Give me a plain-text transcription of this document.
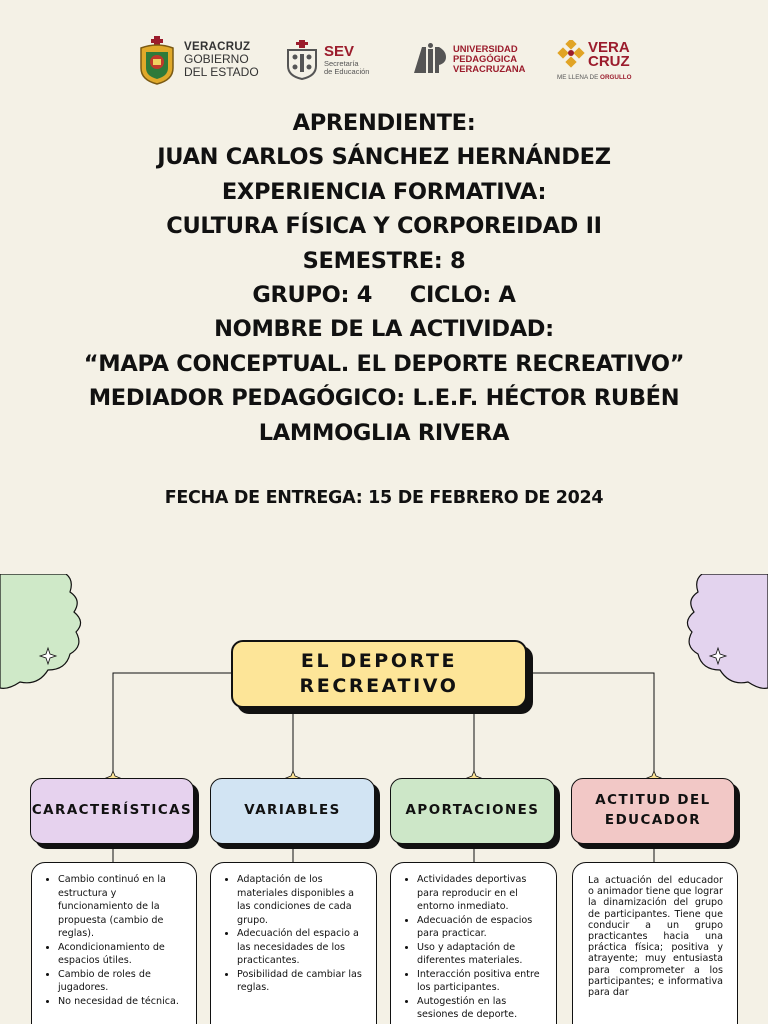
VERACRUZ
GOBIERNO
DEL ESTADO
SEV
Secretaría
de Educación
UNIVERSIDAD
PEDAGÓGICA
VERACRUZANA
VERA
CRUZ
ME LLENA DE ORGULLO
APRENDIENTE:
JUAN CARLOS SÁNCHEZ HERNÁNDEZ
EXPERIENCIA FORMATIVA:
CULTURA FÍSICA Y CORPOREIDAD II
SEMESTRE: 8
GRUPO: 4     CICLO: A
NOMBRE DE LA ACTIVIDAD:
“MAPA CONCEPTUAL. EL DEPORTE RECREATIVO”
MEDIADOR PEDAGÓGICO: L.E.F. HÉCTOR RUBÉN
LAMMOGLIA RIVERA
FECHA DE ENTREGA: 15 DE FEBRERO DE 2024
EL DEPORTE
RECREATIVO
CARACTERÍSTICAS	VARIABLES	APORTACIONES
ACTITUD DEL
EDUCADOR
• Cambio continuó en la estructura y funcionamiento de la propuesta (cambio de reglas).
• Acondicionamiento de espacios útiles.
• Cambio de roles de jugadores.
• No necesidad de técnica.
• Adaptación de los materiales disponibles a las condiciones de cada grupo.
• Adecuación del espacio a las necesidades de los practicantes.
• Posibilidad de cambiar las reglas.
• Actividades deportivas para reproducir en el entorno inmediato.
• Adecuación de espacios para practicar.
• Uso y adaptación de diferentes materiales.
• Interacción positiva entre los participantes.
• Autogestión en las sesiones de deporte.

La actuación del educador o animador tiene que lograr la dinamización del grupo de participantes. Tiene que conducir a un grupo practicantes hacia una práctica física; positiva y atrayente; muy entusiasta para comprometer a los participantes; e informativa para dar
